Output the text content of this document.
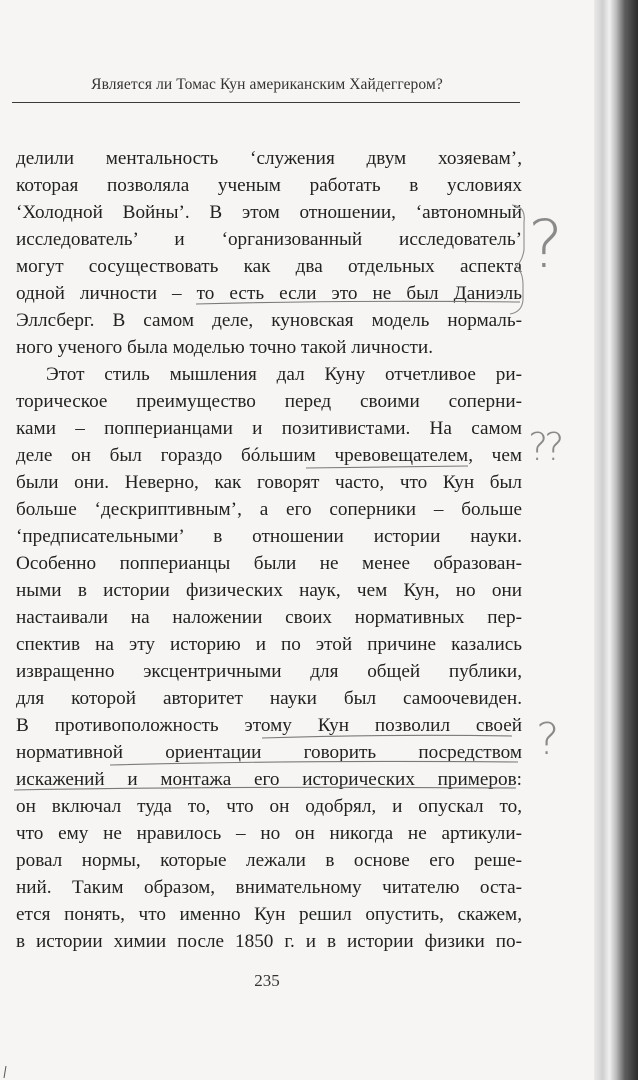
Является ли Томас Кун американским Хайдеггером?
делили ментальность ‘служения двум хозяевам’,
которая позволяла ученым работать в условиях
‘Холодной Войны’. В этом отношении, ‘автономный
исследователь’ и ‘организованный исследователь’
могут сосуществовать как два отдельных аспекта
одной личности – то есть если это не был Даниэль
Эллсберг. В самом деле, куновская модель нормаль-
ного ученого была моделью точно такой личности.
Этот стиль мышления дал Куну отчетливое ри-
торическое преимущество перед своими соперни-
ками – попперианцами и позитивистами. На самом
деле он был гораздо бóльшим чревовещателем, чем
были они. Неверно, как говорят часто, что Кун был
больше ‘дескриптивным’, а его соперники – больше
‘предписательными’ в отношении истории науки.
Особенно попперианцы были не менее образован-
ными в истории физических наук, чем Кун, но они
настаивали на наложении своих нормативных пер-
спектив на эту историю и по этой причине казались
извращенно эксцентричными для общей публики,
для которой авторитет науки был самоочевиден.
В противоположность этому Кун позволил своей
нормативной ориентации говорить посредством
искажений и монтажа его исторических примеров:
он включал туда то, что он одобрял, и опускал то,
что ему не нравилось – но он никогда не артикули-
ровал нормы, которые лежали в основе его реше-
ний. Таким образом, внимательному читателю оста-
ется понять, что именно Кун решил опустить, скажем,
в истории химии после 1850 г. и в истории физики по-
?
??
?
235
